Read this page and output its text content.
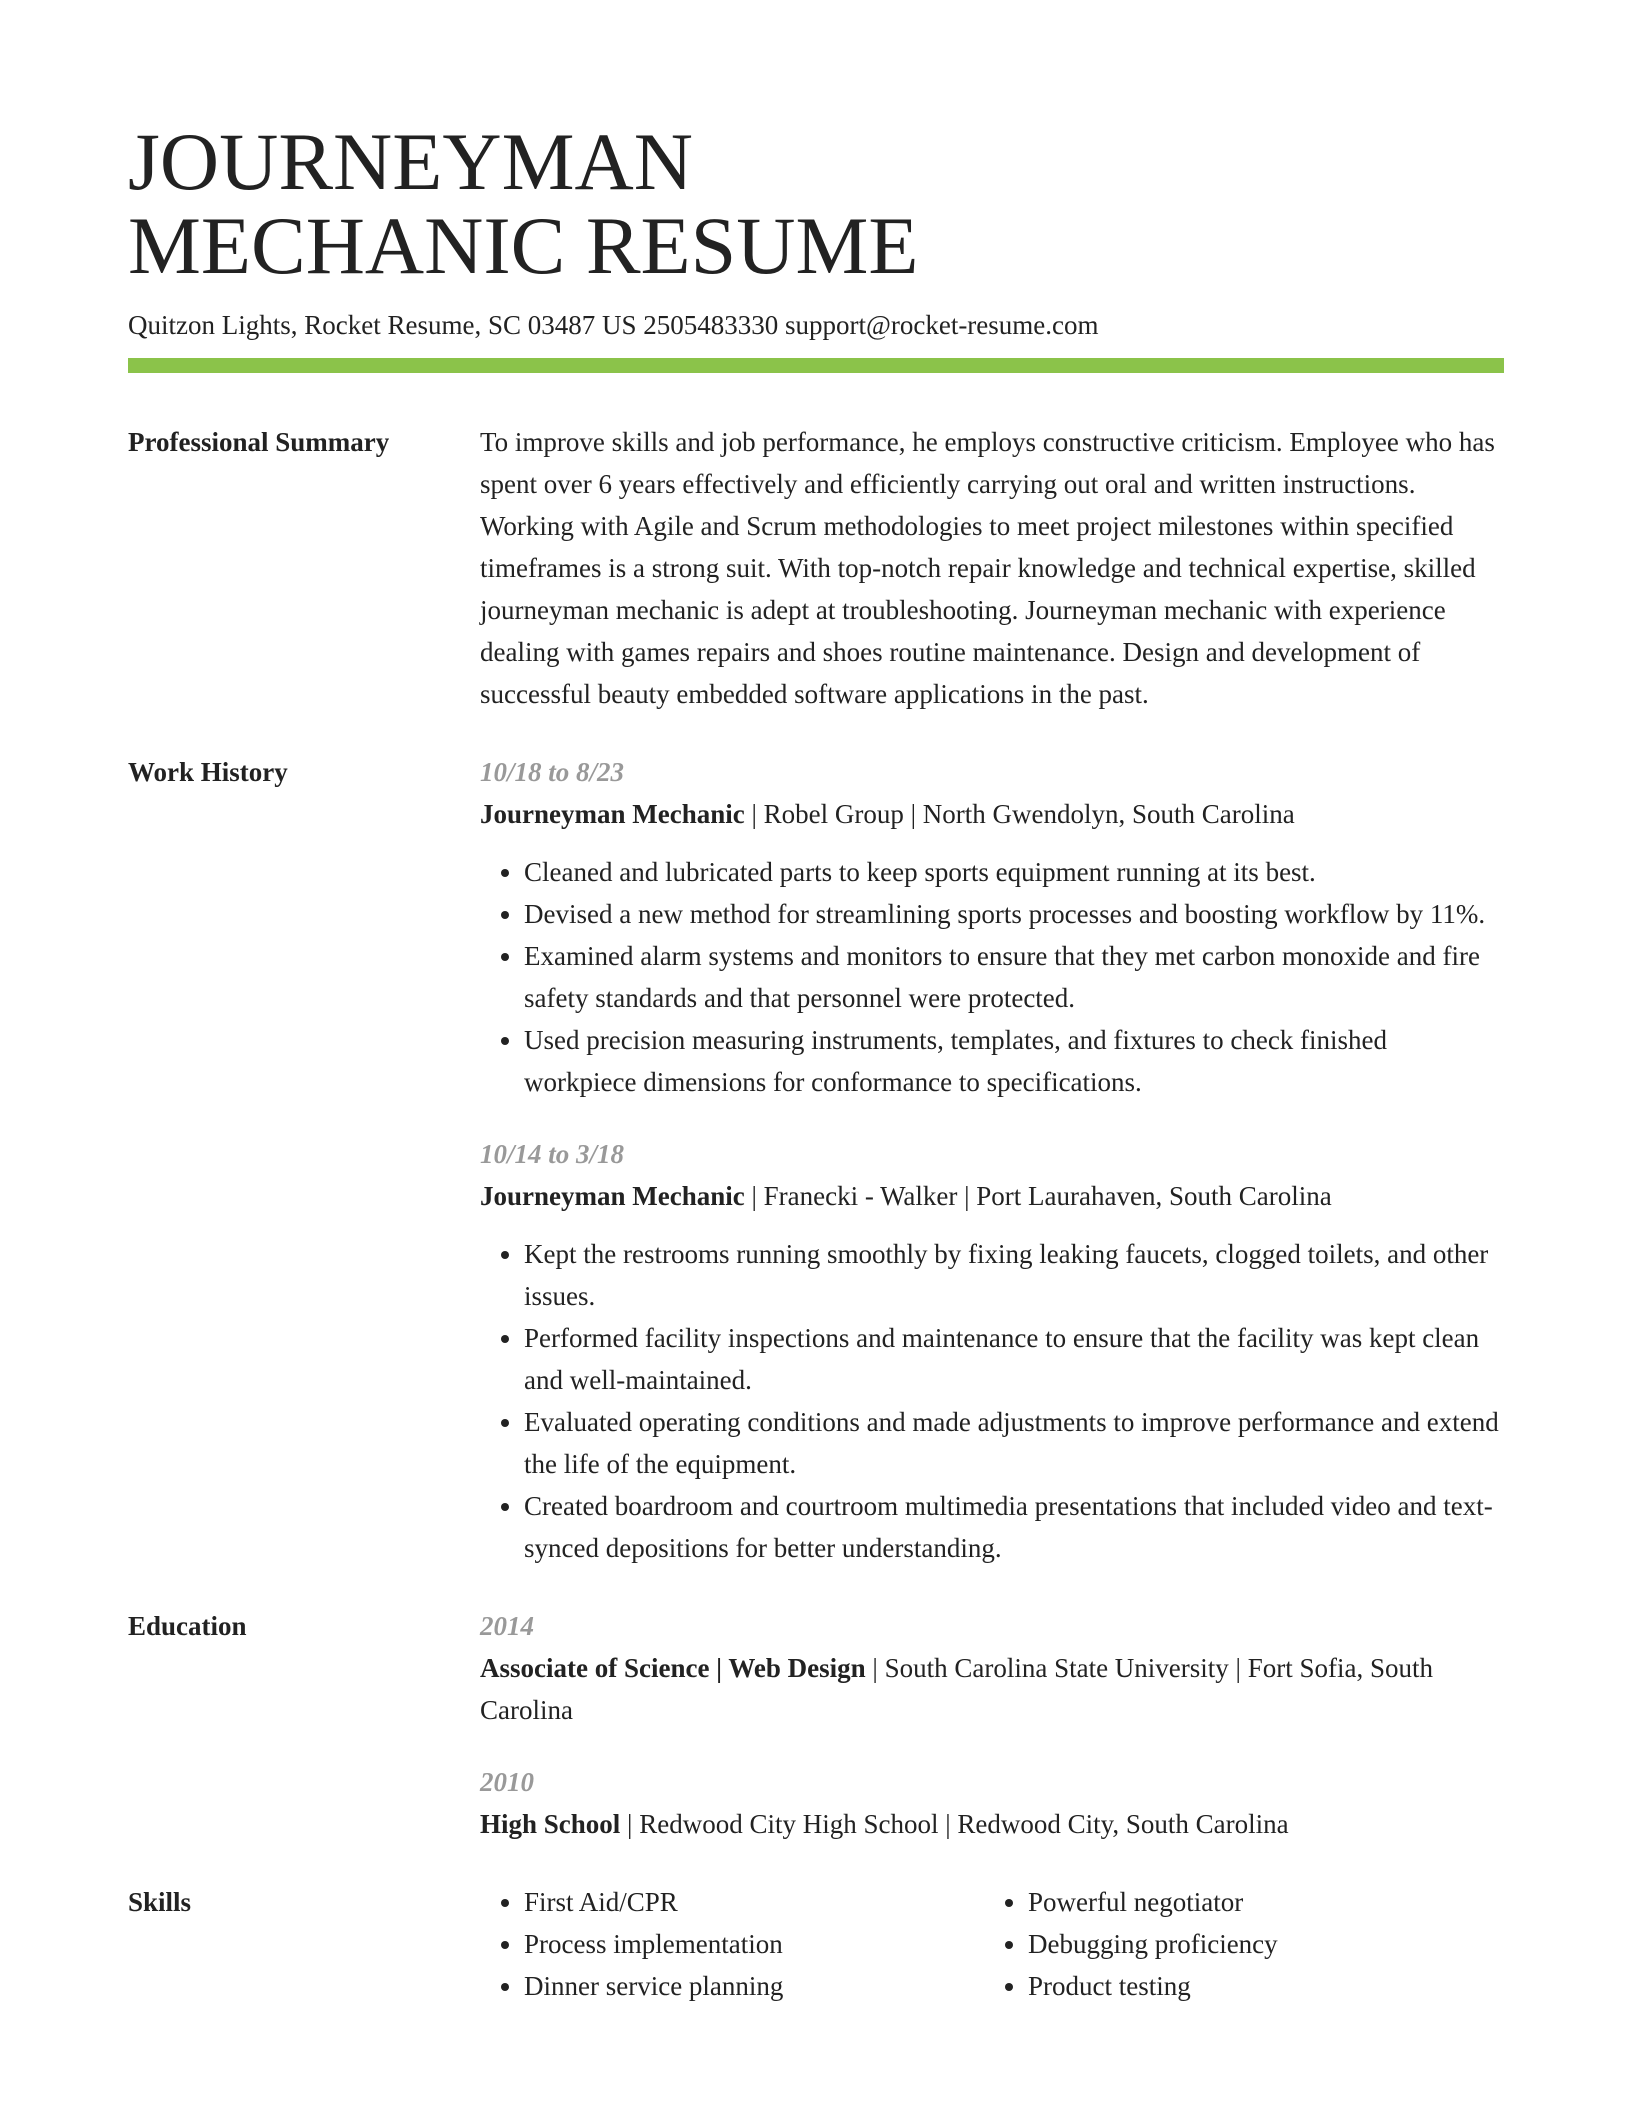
JOURNEYMAN
MECHANIC RESUME
Quitzon Lights, Rocket Resume, SC 03487 US 2505483330 support@rocket-resume.com
Professional Summary	To improve skills and job performance, he employs constructive criticism. Employee who has spent over 6 years effectively and efficiently carrying out oral and written instructions. Working with Agile and Scrum methodologies to meet project milestones within specified timeframes is a strong suit. With top-notch repair knowledge and technical expertise, skilled journeyman mechanic is adept at troubleshooting. Journeyman mechanic with experience dealing with games repairs and shoes routine maintenance. Design and development of successful beauty embedded software applications in the past.

Work History	10/18 to 8/23
Journeyman Mechanic | Robel Group | North Gwendolyn, South Carolina
• Cleaned and lubricated parts to keep sports equipment running at its best.
• Devised a new method for streamlining sports processes and boosting workflow by 11%.
• Examined alarm systems and monitors to ensure that they met carbon monoxide and fire safety standards and that personnel were protected.
• Used precision measuring instruments, templates, and fixtures to check finished workpiece dimensions for conformance to specifications.
10/14 to 3/18
Journeyman Mechanic | Franecki - Walker | Port Laurahaven, South Carolina
• Kept the restrooms running smoothly by fixing leaking faucets, clogged toilets, and other issues.
• Performed facility inspections and maintenance to ensure that the facility was kept clean and well-maintained.
• Evaluated operating conditions and made adjustments to improve performance and extend the life of the equipment.
• Created boardroom and courtroom multimedia presentations that included video and text-synced depositions for better understanding.
Education	2014
Associate of Science | Web Design | South Carolina State University | Fort Sofia, South Carolina
2010
High School | Redwood City High School | Redwood City, South Carolina
Skills
•	First Aid/CPR
• Process implementation
• Dinner service planning
• Powerful negotiator
• Debugging proficiency
• Product testing
